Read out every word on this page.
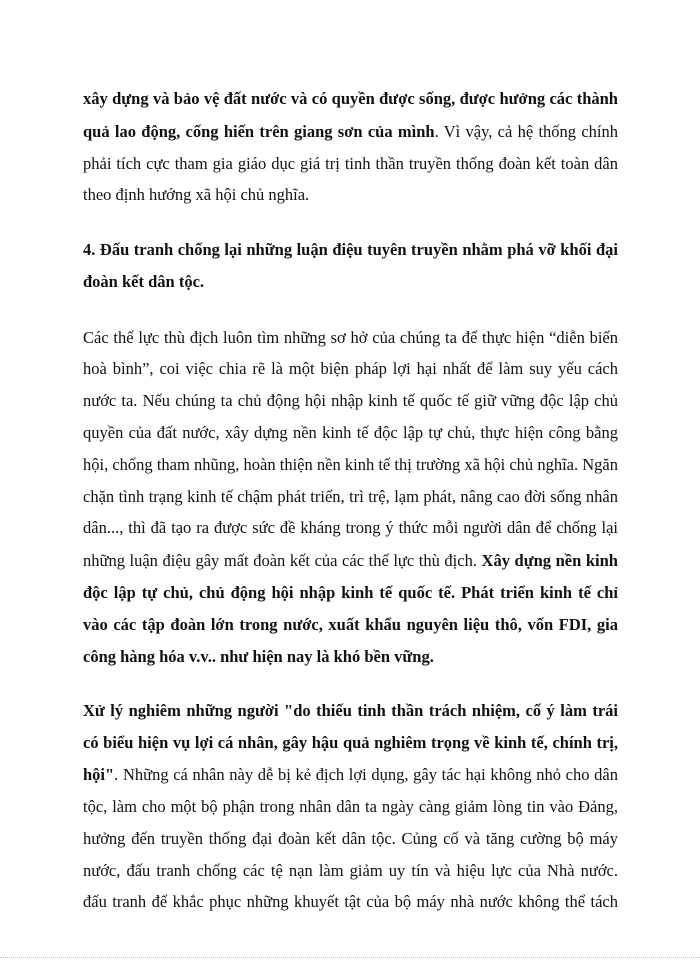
xây dựng và bảo vệ đất nước và có quyền được sống, được hưởng các thành
quả lao động, cống hiến trên giang sơn của mình. Vì vậy, cả hệ thống chính
phải tích cực tham gia giáo dục giá trị tinh thần truyền thống đoàn kết toàn dân
theo định hướng xã hội chủ nghĩa.
4. Đấu tranh chống lại những luận điệu tuyên truyền nhằm phá vỡ khối đại
đoàn kết dân tộc.
Các thế lực thù địch luôn tìm những sơ hở của chúng ta để thực hiện “diễn biến
hoà bình”, coi việc chia rẽ là một biện pháp lợi hại nhất để làm suy yếu cách
nước ta. Nếu chúng ta chủ động hội nhập kinh tế quốc tế giữ vững độc lập chủ
quyền của đất nước, xây dựng nền kinh tế độc lập tự chủ, thực hiện công bằng
hội, chống tham nhũng, hoàn thiện nền kinh tế thị trường xã hội chủ nghĩa. Ngăn
chặn tình trạng kinh tế chậm phát triển, trì trệ, lạm phát, nâng cao đời sống nhân
dân..., thì đã tạo ra được sức đề kháng trong ý thức mỗi người dân để chống lại
những luận điệu gây mất đoàn kết của các thế lực thù địch. Xây dựng nền kinh
độc lập tự chủ, chủ động hội nhập kinh tế quốc tế. Phát triển kinh tế chỉ
vào các tập đoàn lớn trong nước, xuất khẩu nguyên liệu thô, vốn FDI, gia
công hàng hóa v.v.. như hiện nay là khó bền vững.
Xử lý nghiêm những người "do thiếu tinh thần trách nhiệm, cố ý làm trái
có biểu hiện vụ lợi cá nhân, gây hậu quả nghiêm trọng về kinh tế, chính trị,
hội". Những cá nhân này dễ bị kẻ địch lợi dụng, gây tác hại không nhỏ cho dân
tộc, làm cho một bộ phận trong nhân dân ta ngày càng giảm lòng tin vào Đảng,
hưởng đến truyền thống đại đoàn kết dân tộc. Củng cố và tăng cường bộ máy
nước, đấu tranh chống các tệ nạn làm giảm uy tín và hiệu lực của Nhà nước.
đấu tranh để khắc phục những khuyết tật của bộ máy nhà nước không thể tách
